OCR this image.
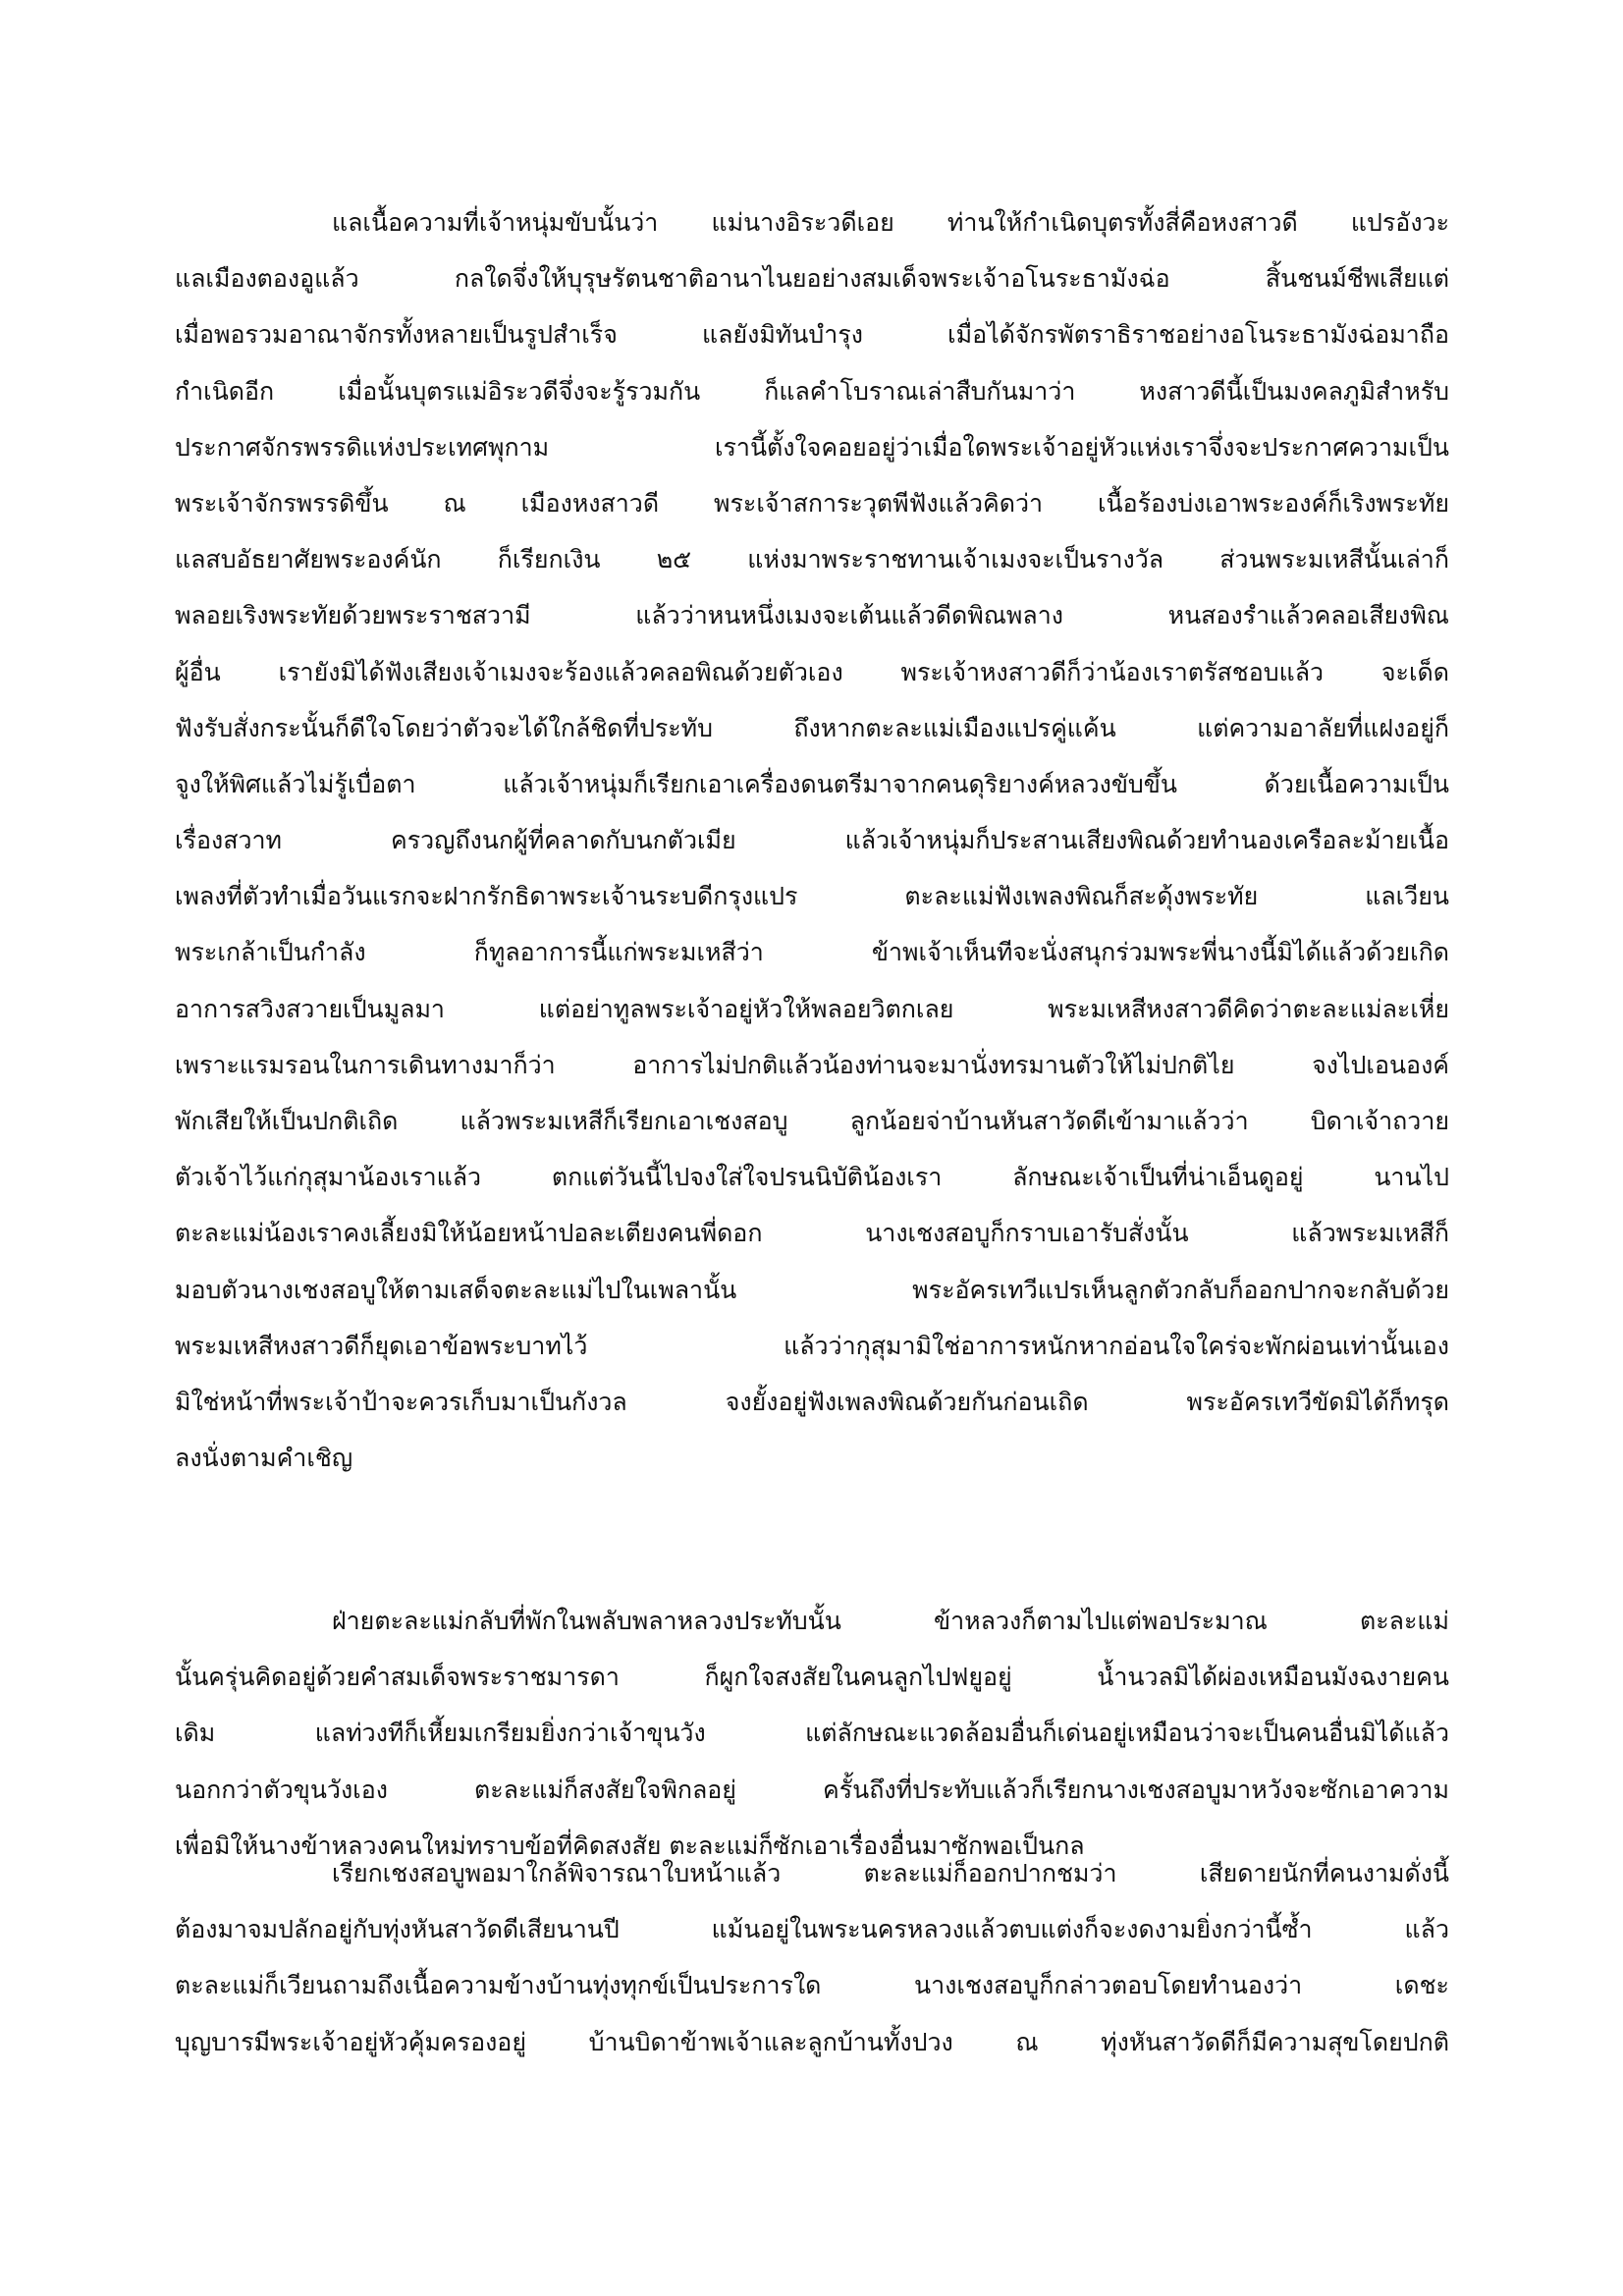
แลเนื้อความที่เจ้าหนุ่มขับนั้นว่า แม่นางอิระวดีเอย ท่านให้กำเนิดบุตรทั้งสี่คือหงสาวดี แปรอังวะ
แลเมืองตองอูแล้ว กลใดจึ่งให้บุรุษรัตนชาติอานาไนยอย่างสมเด็จพระเจ้าอโนระธามังฉ่อ สิ้นชนม์ชีพเสียแต่
เมื่อพอรวมอาณาจักรทั้งหลายเป็นรูปสำเร็จ แลยังมิทันบำรุง เมื่อได้จักรพัตราธิราชอย่างอโนระธามังฉ่อมาถือ
กำเนิดอีก เมื่อนั้นบุตรแม่อิระวดีจึ่งจะรู้รวมกัน ก็แลคำโบราณเล่าสืบกันมาว่า หงสาวดีนี้เป็นมงคลภูมิสำหรับ
ประกาศจักรพรรดิแห่งประเทศพุกาม เรานี้ตั้งใจคอยอยู่ว่าเมื่อใดพระเจ้าอยู่หัวแห่งเราจึ่งจะประกาศความเป็น
พระเจ้าจักรพรรดิขึ้น ณ เมืองหงสาวดี พระเจ้าสการะวุตพีฟังแล้วคิดว่า เนื้อร้องบ่งเอาพระองค์ก็เริงพระทัย
แลสบอัธยาศัยพระองค์นัก ก็เรียกเงิน ๒๕ แห่งมาพระราชทานเจ้าเมงจะเป็นรางวัล ส่วนพระมเหสีนั้นเล่าก็
พลอยเริงพระทัยด้วยพระราชสวามี แล้วว่าหนหนึ่งเมงจะเต้นแล้วดีดพิณพลาง หนสองรำแล้วคลอเสียงพิณ
ผู้อื่น เรายังมิได้ฟังเสียงเจ้าเมงจะร้องแล้วคลอพิณด้วยตัวเอง พระเจ้าหงสาวดีก็ว่าน้องเราตรัสชอบแล้ว จะเด็ด
ฟังรับสั่งกระนั้นก็ดีใจโดยว่าตัวจะได้ใกล้ชิดที่ประทับ ถึงหากตะละแม่เมืองแปรคู่แค้น แต่ความอาลัยที่แฝงอยู่ก็
จูงให้พิศแล้วไม่รู้เบื่อตา แล้วเจ้าหนุ่มก็เรียกเอาเครื่องดนตรีมาจากคนดุริยางค์หลวงขับขึ้น ด้วยเนื้อความเป็น
เรื่องสวาท ครวญถึงนกผู้ที่คลาดกับนกตัวเมีย แล้วเจ้าหนุ่มก็ประสานเสียงพิณด้วยทำนองเครือละม้ายเนื้อ
เพลงที่ตัวทำเมื่อวันแรกจะฝากรักธิดาพระเจ้านระบดีกรุงแปร ตะละแม่ฟังเพลงพิณก็สะดุ้งพระทัย แลเวียน
พระเกล้าเป็นกำลัง ก็ทูลอาการนี้แก่พระมเหสีว่า ข้าพเจ้าเห็นทีจะนั่งสนุกร่วมพระพี่นางนี้มิได้แล้วด้วยเกิด
อาการสวิงสวายเป็นมูลมา แต่อย่าทูลพระเจ้าอยู่หัวให้พลอยวิตกเลย พระมเหสีหงสาวดีคิดว่าตะละแม่ละเหี่ย
เพราะแรมรอนในการเดินทางมาก็ว่า อาการไม่ปกติแล้วน้องท่านจะมานั่งทรมานตัวให้ไม่ปกติไย จงไปเอนองค์
พักเสียให้เป็นปกติเถิด แล้วพระมเหสีก็เรียกเอาเชงสอบู ลูกน้อยจ่าบ้านหันสาวัดดีเข้ามาแล้วว่า บิดาเจ้าถวาย
ตัวเจ้าไว้แก่กุสุมาน้องเราแล้ว ตกแต่วันนี้ไปจงใส่ใจปรนนิบัติน้องเรา ลักษณะเจ้าเป็นที่น่าเอ็นดูอยู่ นานไป
ตะละแม่น้องเราคงเลี้ยงมิให้น้อยหน้าปอละเตียงคนพี่ดอก นางเชงสอบูก็กราบเอารับสั่งนั้น แล้วพระมเหสีก็
มอบตัวนางเชงสอบูให้ตามเสด็จตะละแม่ไปในเพลานั้น พระอัครเทวีแปรเห็นลูกตัวกลับก็ออกปากจะกลับด้วย
พระมเหสีหงสาวดีก็ยุดเอาข้อพระบาทไว้ แล้วว่ากุสุมามิใช่อาการหนักหากอ่อนใจใคร่จะพักผ่อนเท่านั้นเอง
มิใช่หน้าที่พระเจ้าป้าจะควรเก็บมาเป็นกังวล จงยั้งอยู่ฟังเพลงพิณด้วยกันก่อนเถิด พระอัครเทวีขัดมิได้ก็ทรุด
ลงนั่งตามคำเชิญ
ฝ่ายตะละแม่กลับที่พักในพลับพลาหลวงประทับนั้น ข้าหลวงก็ตามไปแต่พอประมาณ ตะละแม่
นั้นครุ่นคิดอยู่ด้วยคำสมเด็จพระราชมารดา ก็ผูกใจสงสัยในคนลูกไปฟยูอยู่ น้ำนวลมิได้ผ่องเหมือนมังฉงายคน
เดิม แลท่วงทีก็เหี้ยมเกรียมยิ่งกว่าเจ้าขุนวัง แต่ลักษณะแวดล้อมอื่นก็เด่นอยู่เหมือนว่าจะเป็นคนอื่นมิได้แล้ว
นอกกว่าตัวขุนวังเอง ตะละแม่ก็สงสัยใจพิกลอยู่ ครั้นถึงที่ประทับแล้วก็เรียกนางเชงสอบูมาหวังจะซักเอาความ
เพื่อมิให้นางข้าหลวงคนใหม่ทราบข้อที่คิดสงสัย ตะละแม่ก็ซักเอาเรื่องอื่นมาซักพอเป็นกล
เรียกเชงสอบูพอมาใกล้พิจารณาใบหน้าแล้ว ตะละแม่ก็ออกปากชมว่า เสียดายนักที่คนงามดั่งนี้
ต้องมาจมปลักอยู่กับทุ่งหันสาวัดดีเสียนานปี แม้นอยู่ในพระนครหลวงแล้วตบแต่งก็จะงดงามยิ่งกว่านี้ซ้ำ แล้ว
ตะละแม่ก็เวียนถามถึงเนื้อความข้างบ้านทุ่งทุกข์เป็นประการใด นางเชงสอบูก็กล่าวตอบโดยทำนองว่า เดชะ
บุญบารมีพระเจ้าอยู่หัวคุ้มครองอยู่ บ้านบิดาข้าพเจ้าและลูกบ้านทั้งปวง ณ ทุ่งหันสาวัดดีก็มีความสุขโดยปกติ
